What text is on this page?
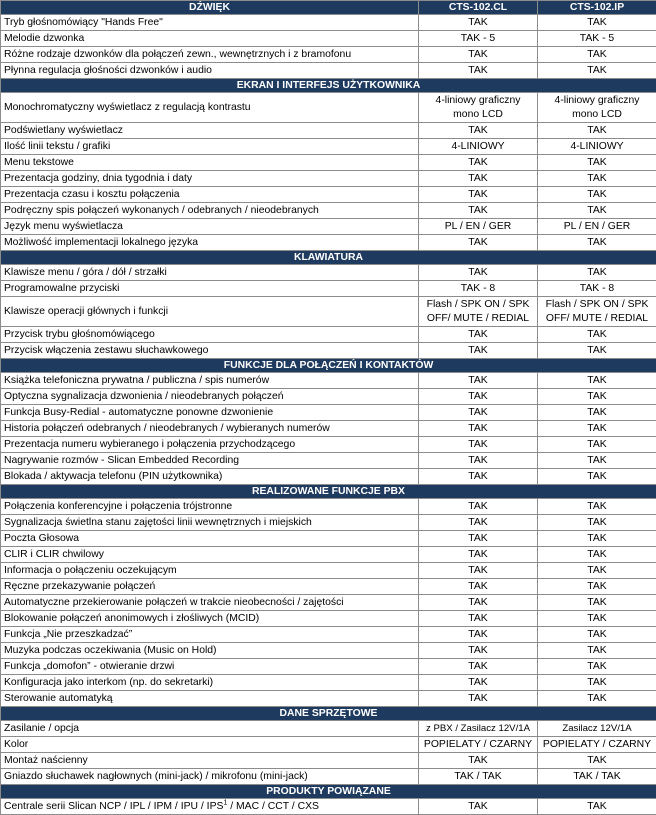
DŹWIĘK	CTS-102.CL	CTS-102.IP
Tryb głośnomówiący "Hands Free"	TAK	TAK
Melodie dzwonka	TAK - 5	TAK - 5
Różne rodzaje dzwonków dla połączeń zewn., wewnętrznych i z bramofonu	TAK	TAK
Płynna regulacja głośności dzwonków i audio	TAK	TAK
EKRAN I INTERFEJS UŻYTKOWNIKA		
Monochromatyczny wyświetlacz z regulacją kontrastu	4-liniowy graficzny mono LCD	4-liniowy graficzny mono LCD
Podświetlany wyświetlacz	TAK	TAK
Ilość linii tekstu / grafiki	4-LINIOWY	4-LINIOWY
Menu tekstowe	TAK	TAK
Prezentacja godziny, dnia tygodnia i daty	TAK	TAK
Prezentacja czasu i kosztu połączenia	TAK	TAK
Podręczny spis połączeń wykonanych / odebranych / nieodebranych	TAK	TAK
Język menu wyświetlacza	PL / EN / GER	PL / EN / GER
Możliwość implementacji lokalnego języka	TAK	TAK
KLAWIATURA		
Klawisze menu / góra / dół / strzałki	TAK	TAK
Programowalne przyciski	TAK - 8	TAK - 8
Klawisze operacji głównych i funkcji	Flash / SPK ON / SPK OFF/ MUTE / REDIAL	Flash / SPK ON / SPK OFF/ MUTE / REDIAL
Przycisk trybu głośnomówiącego	TAK	TAK
Przycisk włączenia zestawu słuchawkowego	TAK	TAK
FUNKCJE DLA POŁĄCZEŃ I KONTAKTÓW		
Książka telefoniczna prywatna / publiczna / spis numerów	TAK	TAK
Optyczna sygnalizacja dzwonienia / nieodebranych połączeń	TAK	TAK
Funkcja Busy-Redial - automatyczne ponowne dzwonienie	TAK	TAK
Historia połączeń odebranych / nieodebranych / wybieranych numerów	TAK	TAK
Prezentacja numeru wybieranego i połączenia przychodzącego	TAK	TAK
Nagrywanie rozmów - Slican Embedded Recording	TAK	TAK
Blokada / aktywacja telefonu (PIN użytkownika)	TAK	TAK
REALIZOWANE FUNKCJE PBX		
Połączenia konferencyjne i połączenia trójstronne	TAK	TAK
Sygnalizacja świetlna stanu zajętości linii wewnętrznych i miejskich	TAK	TAK
Poczta Głosowa	TAK	TAK
CLIR i CLIR chwilowy	TAK	TAK
Informacja o połączeniu oczekującym	TAK	TAK
Ręczne przekazywanie połączeń	TAK	TAK
Automatyczne przekierowanie połączeń w trakcie nieobecności / zajętości	TAK	TAK
Blokowanie połączeń anonimowych i złośliwych (MCID)	TAK	TAK
Funkcja „Nie przeszkadzać”	TAK	TAK
Muzyka podczas oczekiwania (Music on Hold)	TAK	TAK
Funkcja „domofon” - otwieranie drzwi	TAK	TAK
Konfiguracja jako interkom (np. do sekretarki)	TAK	TAK
Sterowanie automatyką	TAK	TAK
DANE SPRZĘTOWE		
Zasilanie / opcja	z PBX / Zasilacz 12V/1A	Zasilacz 12V/1A
Kolor	POPIELATY / CZARNY	POPIELATY / CZARNY
Montaż naścienny	TAK	TAK
Gniazdo słuchawek nagłownych (mini-jack) / mikrofonu (mini-jack)	TAK / TAK	TAK / TAK
PRODUKTY POWIĄZANE		
Centrale serii Slican NCP / IPL / IPM / IPU / IPS$^1$ / MAC / CCT / CXS	TAK	TAK
